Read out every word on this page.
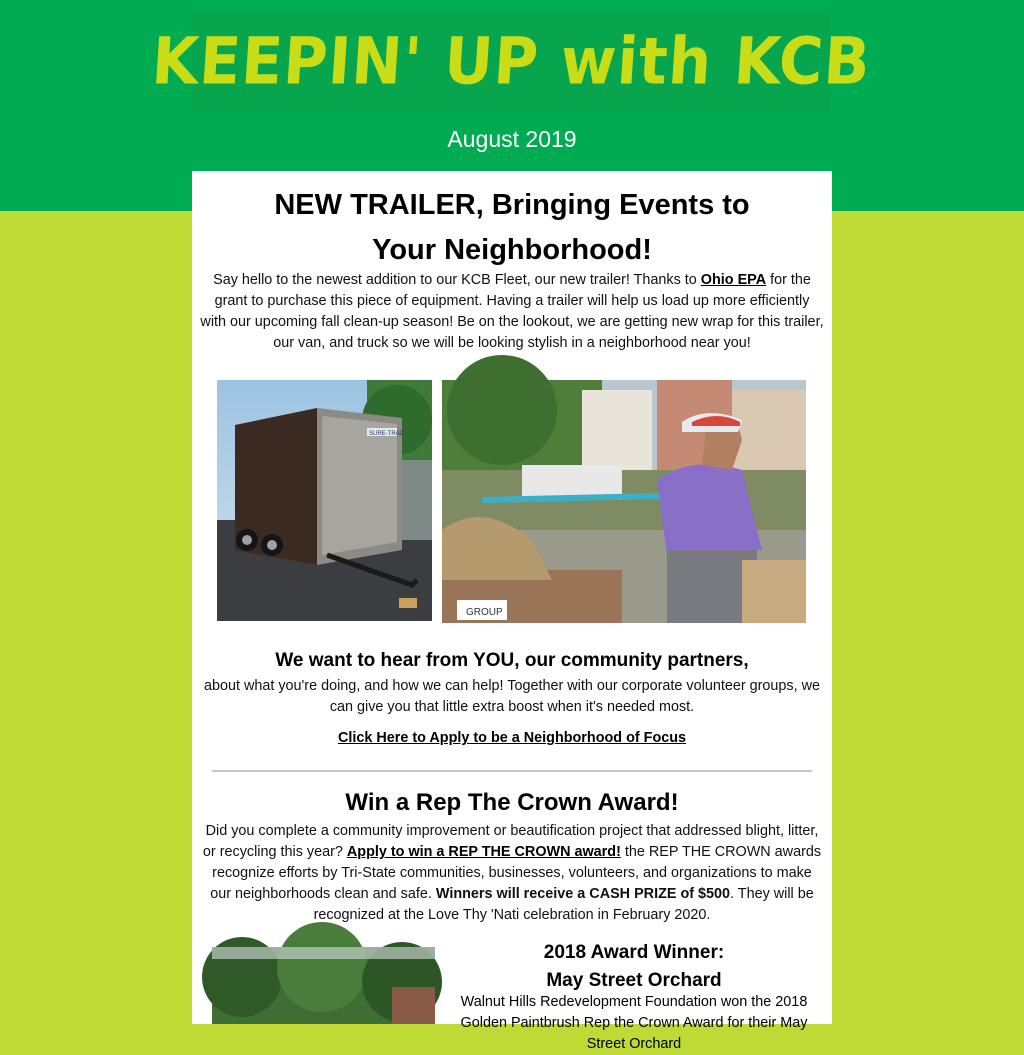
KEEPIN' UP with KCB
August 2019
NEW TRAILER, Bringing Events to
Your Neighborhood!
Say hello to the newest addition to our KCB Fleet, our new trailer! Thanks to Ohio EPA for the grant to purchase this piece of equipment. Having a trailer will help us load up more efficiently with our upcoming fall clean-up season! Be on the lookout, we are getting new wrap for this trailer, our van, and truck so we will be looking stylish in a neighborhood near you!
SURE-TRAC
GROUP
We want to hear from YOU, our community partners,
about what you're doing, and how we can help! Together with our corporate volunteer groups, we can give you that little extra boost when it's needed most.
Click Here to Apply to be a Neighborhood of Focus
Win a Rep The Crown Award!
Did you complete a community improvement or beautification project that addressed blight, litter, or recycling this year? Apply to win a REP THE CROWN award! the REP THE CROWN awards recognize efforts by Tri-State communities, businesses, volunteers, and organizations to make our neighborhoods clean and safe. Winners will receive a CASH PRIZE of $500. They will be recognized at the Love Thy 'Nati celebration in February 2020.
2018 Award Winner:
May Street Orchard
Walnut Hills Redevelopment Foundation won the 2018 Golden Paintbrush Rep the Crown Award for their May Street Orchard
